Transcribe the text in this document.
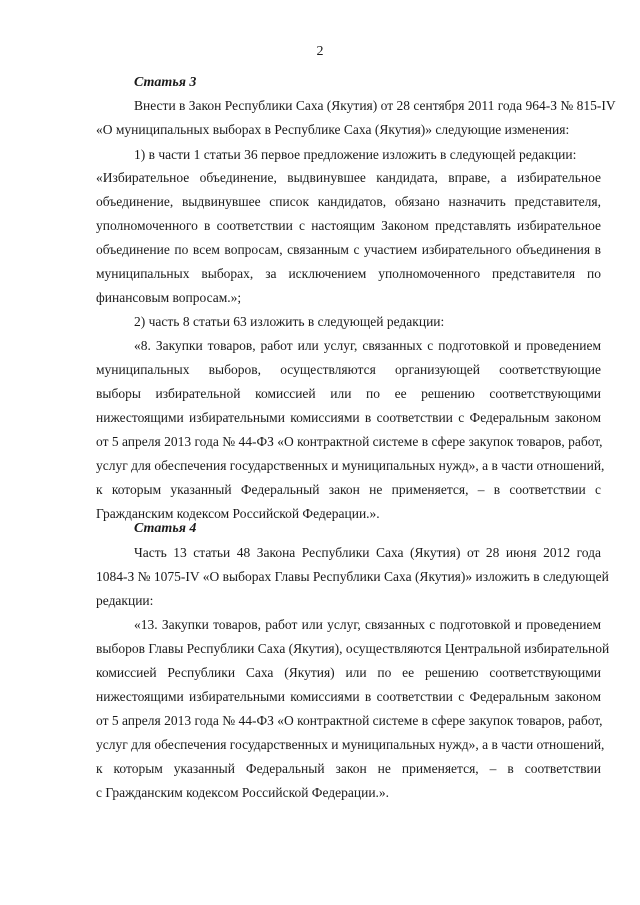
2
Статья 3
Внести в Закон Республики Саха (Якутия) от 28 сентября 2011 года 964-З № 815-IV
«О муниципальных выборах в Республике Саха (Якутия)» следующие изменения:
1) в части 1 статьи 36 первое предложение изложить в следующей редакции:
«Избирательное объединение, выдвинувшее кандидата, вправе, а избирательное
объединение, выдвинувшее список кандидатов, обязано назначить представителя,
уполномоченного в соответствии с настоящим Законом представлять избирательное
объединение по всем вопросам, связанным с участием избирательного объединения в
муниципальных выборах, за исключением уполномоченного представителя по
финансовым вопросам.»;
2) часть 8 статьи 63 изложить в следующей редакции:
«8. Закупки товаров, работ или услуг, связанных с подготовкой и проведением
муниципальных выборов, осуществляются организующей соответствующие
выборы избирательной комиссией или по ее решению соответствующими
нижестоящими избирательными комиссиями в соответствии с Федеральным законом
от 5 апреля 2013 года № 44-ФЗ «О контрактной системе в сфере закупок товаров, работ,
услуг для обеспечения государственных и муниципальных нужд», а в части отношений,
к которым указанный Федеральный закон не применяется, – в соответствии с
Гражданским кодексом Российской Федерации.».
Статья 4
Часть 13 статьи 48 Закона Республики Саха (Якутия) от 28 июня 2012 года
1084-З № 1075-IV «О выборах Главы Республики Саха (Якутия)» изложить в следующей
редакции:
«13. Закупки товаров, работ или услуг, связанных с подготовкой и проведением
выборов Главы Республики Саха (Якутия), осуществляются Центральной избирательной
комиссией Республики Саха (Якутия) или по ее решению соответствующими
нижестоящими избирательными комиссиями в соответствии с Федеральным законом
от 5 апреля 2013 года № 44-ФЗ «О контрактной системе в сфере закупок товаров, работ,
услуг для обеспечения государственных и муниципальных нужд», а в части отношений,
к которым указанный Федеральный закон не применяется, – в соответствии
с Гражданским кодексом Российской Федерации.».
